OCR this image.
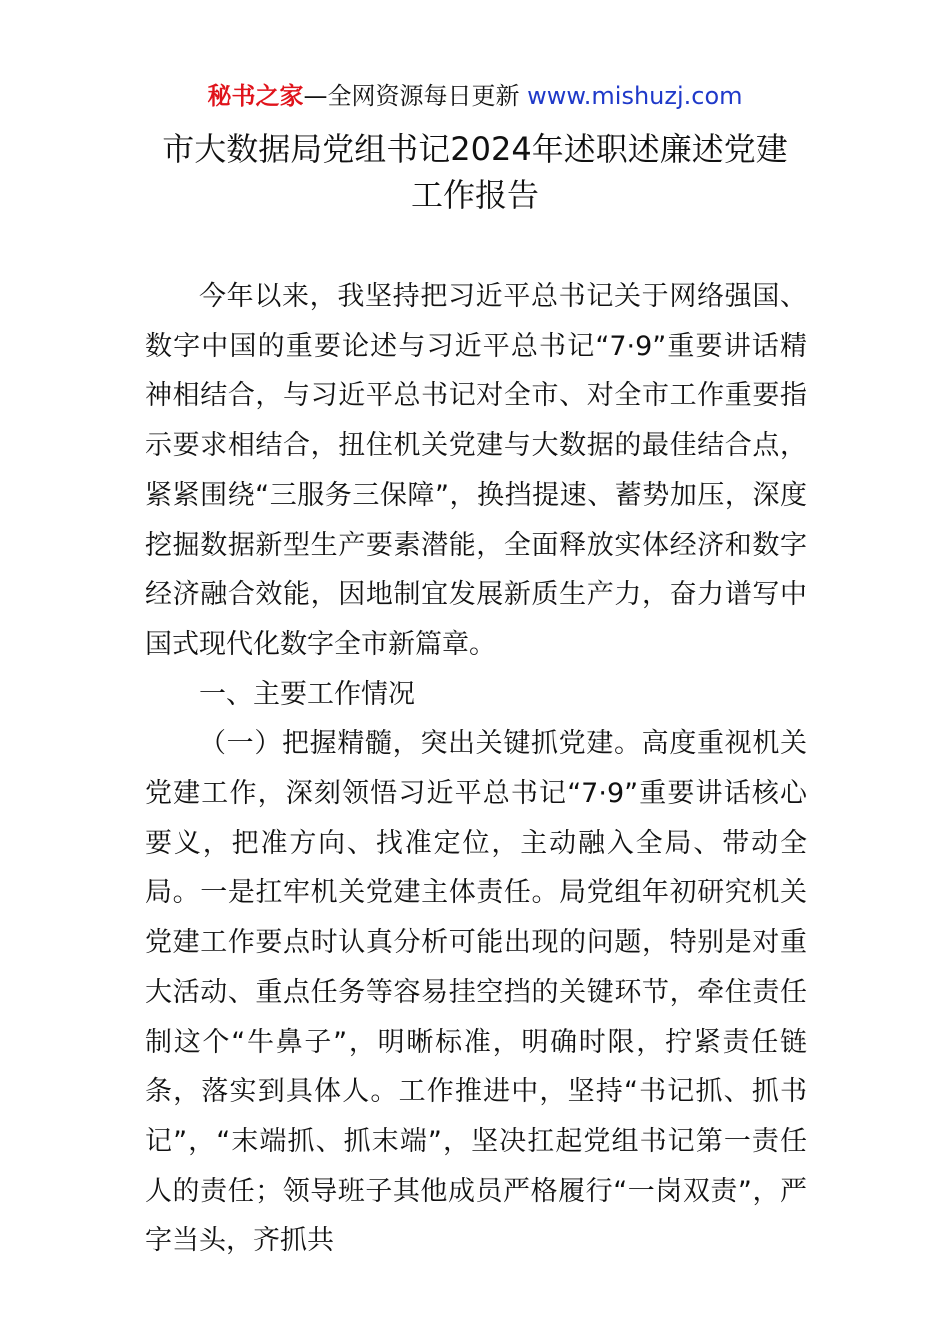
秘书之家—全网资源每日更新 www.mishuzj.com
市大数据局党组书记2024年述职述廉述党建
工作报告

今年以来，我坚持把习近平总书记关于网络强国、数字中国的重要论述与习近平总书记“7·9”重要讲话精神相结合，与习近平总书记对全市、对全市工作重要指示要求相结合，扭住机关党建与大数据的最佳结合点，紧紧围绕“三服务三保障”，换挡提速、蓄势加压，深度挖掘数据新型生产要素潜能，全面释放实体经济和数字经济融合效能，因地制宜发展新质生产力，奋力谱写中国式现代化数字全市新篇章。

一、主要工作情况

（一）把握精髓，突出关键抓党建。高度重视机关党建工作，深刻领悟习近平总书记“7·9”重要讲话核心要义，把准方向、找准定位，主动融入全局、带动全局。一是扛牢机关党建主体责任。局党组年初研究机关党建工作要点时认真分析可能出现的问题，特别是对重大活动、重点任务等容易挂空挡的关键环节，牵住责任制这个“牛鼻子”，明晰标准，明确时限，拧紧责任链条，落实到具体人。工作推进中，坚持“书记抓、抓书记”，“末端抓、抓末端”，坚决扛起党组书记第一责任人的责任；领导班子其他成员严格履行“一岗双责”，严字当头，齐抓共
